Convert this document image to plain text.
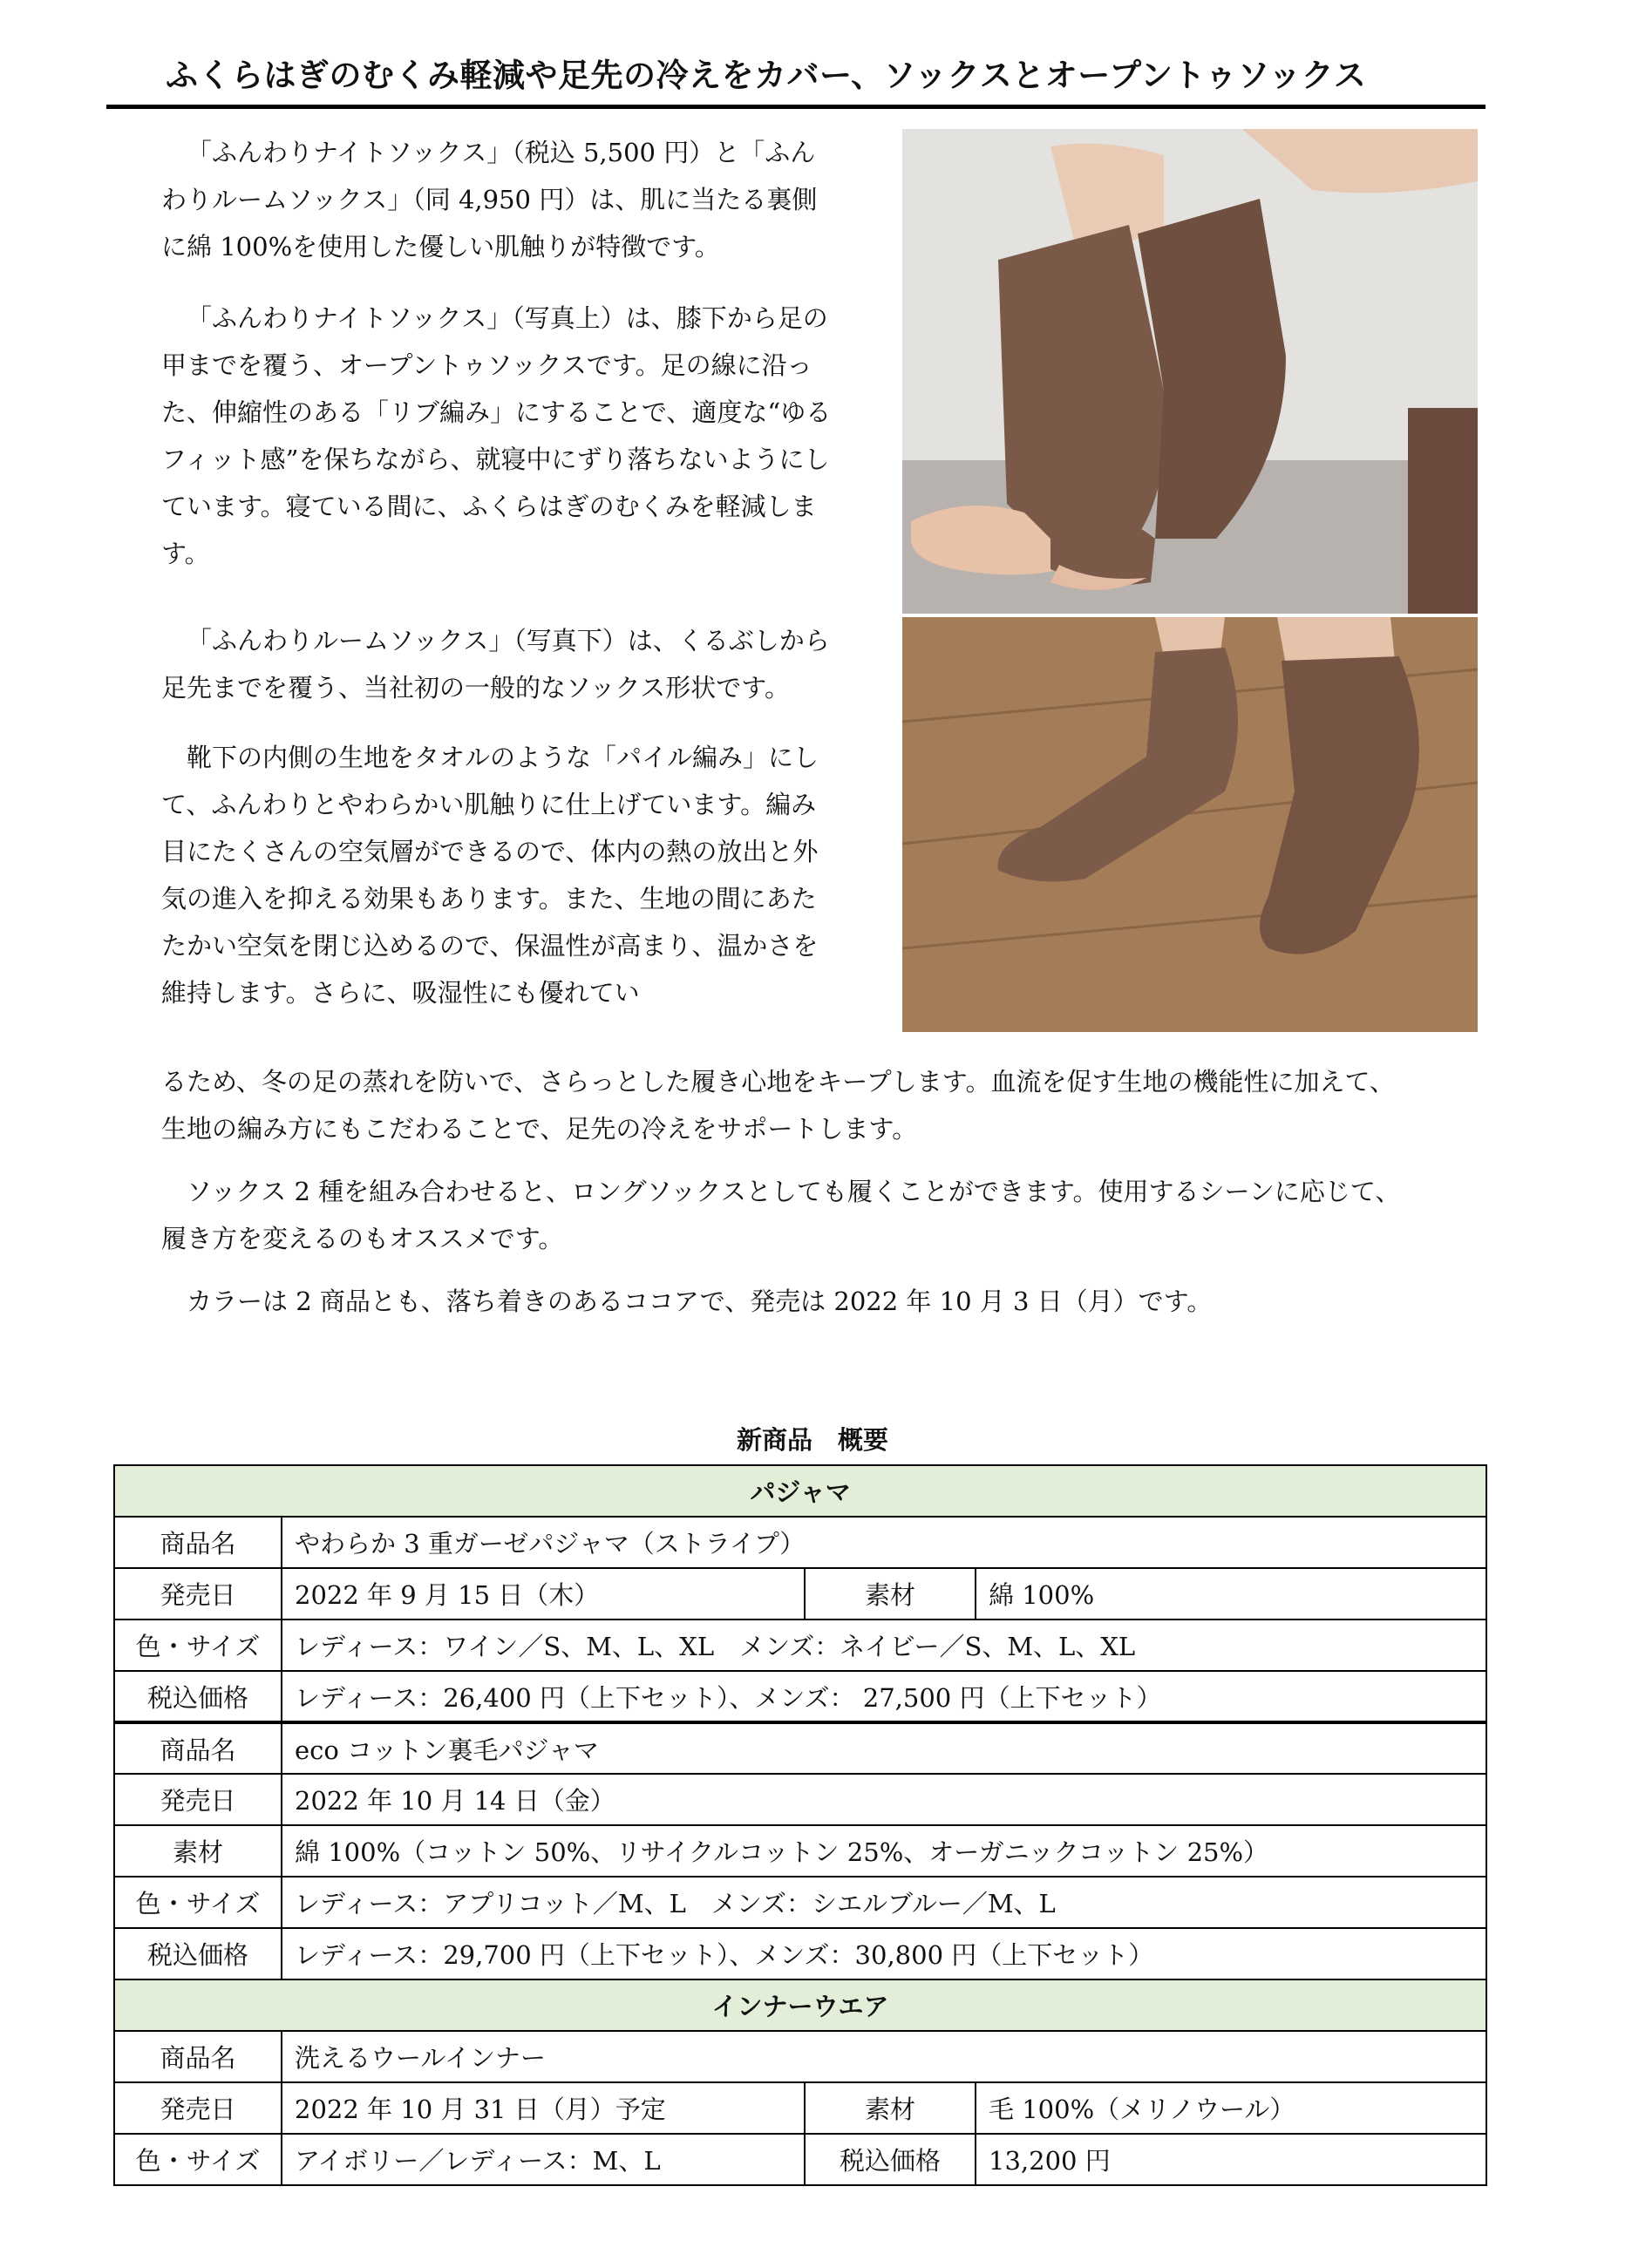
ふくらはぎのむくみ軽減や足先の冷えをカバー、ソックスとオープントゥソックス

「ふんわりナイトソックス」（税込 5,500 円）と「ふんわりルームソックス」（同 4,950 円）は、肌に当たる裏側に綿 100%を使用した優しい肌触りが特徴です。

「ふんわりナイトソックス」（写真上）は、膝下から足の甲までを覆う、オープントゥソックスです。足の線に沿った、伸縮性のある「リブ編み」にすることで、適度な“ゆるフィット感”を保ちながら、就寝中にずり落ちないようにしています。寝ている間に、ふくらはぎのむくみを軽減します。

「ふんわりルームソックス」（写真下）は、くるぶしから足先までを覆う、当社初の一般的なソックス形状です。

靴下の内側の生地をタオルのような「パイル編み」にして、ふんわりとやわらかい肌触りに仕上げています。編み目にたくさんの空気層ができるので、体内の熱の放出と外気の進入を抑える効果もあります。また、生地の間にあたたかい空気を閉じ込めるので、保温性が高まり、温かさを維持します。さらに、吸湿性にも優れてい

るため、冬の足の蒸れを防いで、さらっとした履き心地をキープします。血流を促す生地の機能性に加えて、生地の編み方にもこだわることで、足先の冷えをサポートします。

ソックス 2 種を組み合わせると、ロングソックスとしても履くことができます。使用するシーンに応じて、履き方を変えるのもオススメです。

カラーは 2 商品とも、落ち着きのあるココアで、発売は 2022 年 10 月 3 日（月）です。

新商品　概要
パジャマ			
商品名	やわらか 3 重ガーゼパジャマ（ストライプ）		
発売日	2022 年 9 月 15 日（木）	素材	綿 100%
色・サイズ	レディース：ワイン／S、M、L、XL　メンズ：ネイビー／S、M、L、XL		
税込価格	レディース：26,400 円（上下セット）、メンズ： 27,500 円（上下セット）		
商品名	eco コットン裏毛パジャマ		
発売日	2022 年 10 月 14 日（金）		
素材	綿 100%（コットン 50%、リサイクルコットン 25%、オーガニックコットン 25%）		
色・サイズ	レディース：アプリコット／M、L　メンズ：シエルブルー／M、L		
税込価格	レディース：29,700 円（上下セット）、メンズ：30,800 円（上下セット）		
インナーウエア			
商品名	洗えるウールインナー		
発売日	2022 年 10 月 31 日（月）予定	素材	毛 100%（メリノウール）
色・サイズ	アイボリー／レディース：M、L	税込価格	13,200 円
